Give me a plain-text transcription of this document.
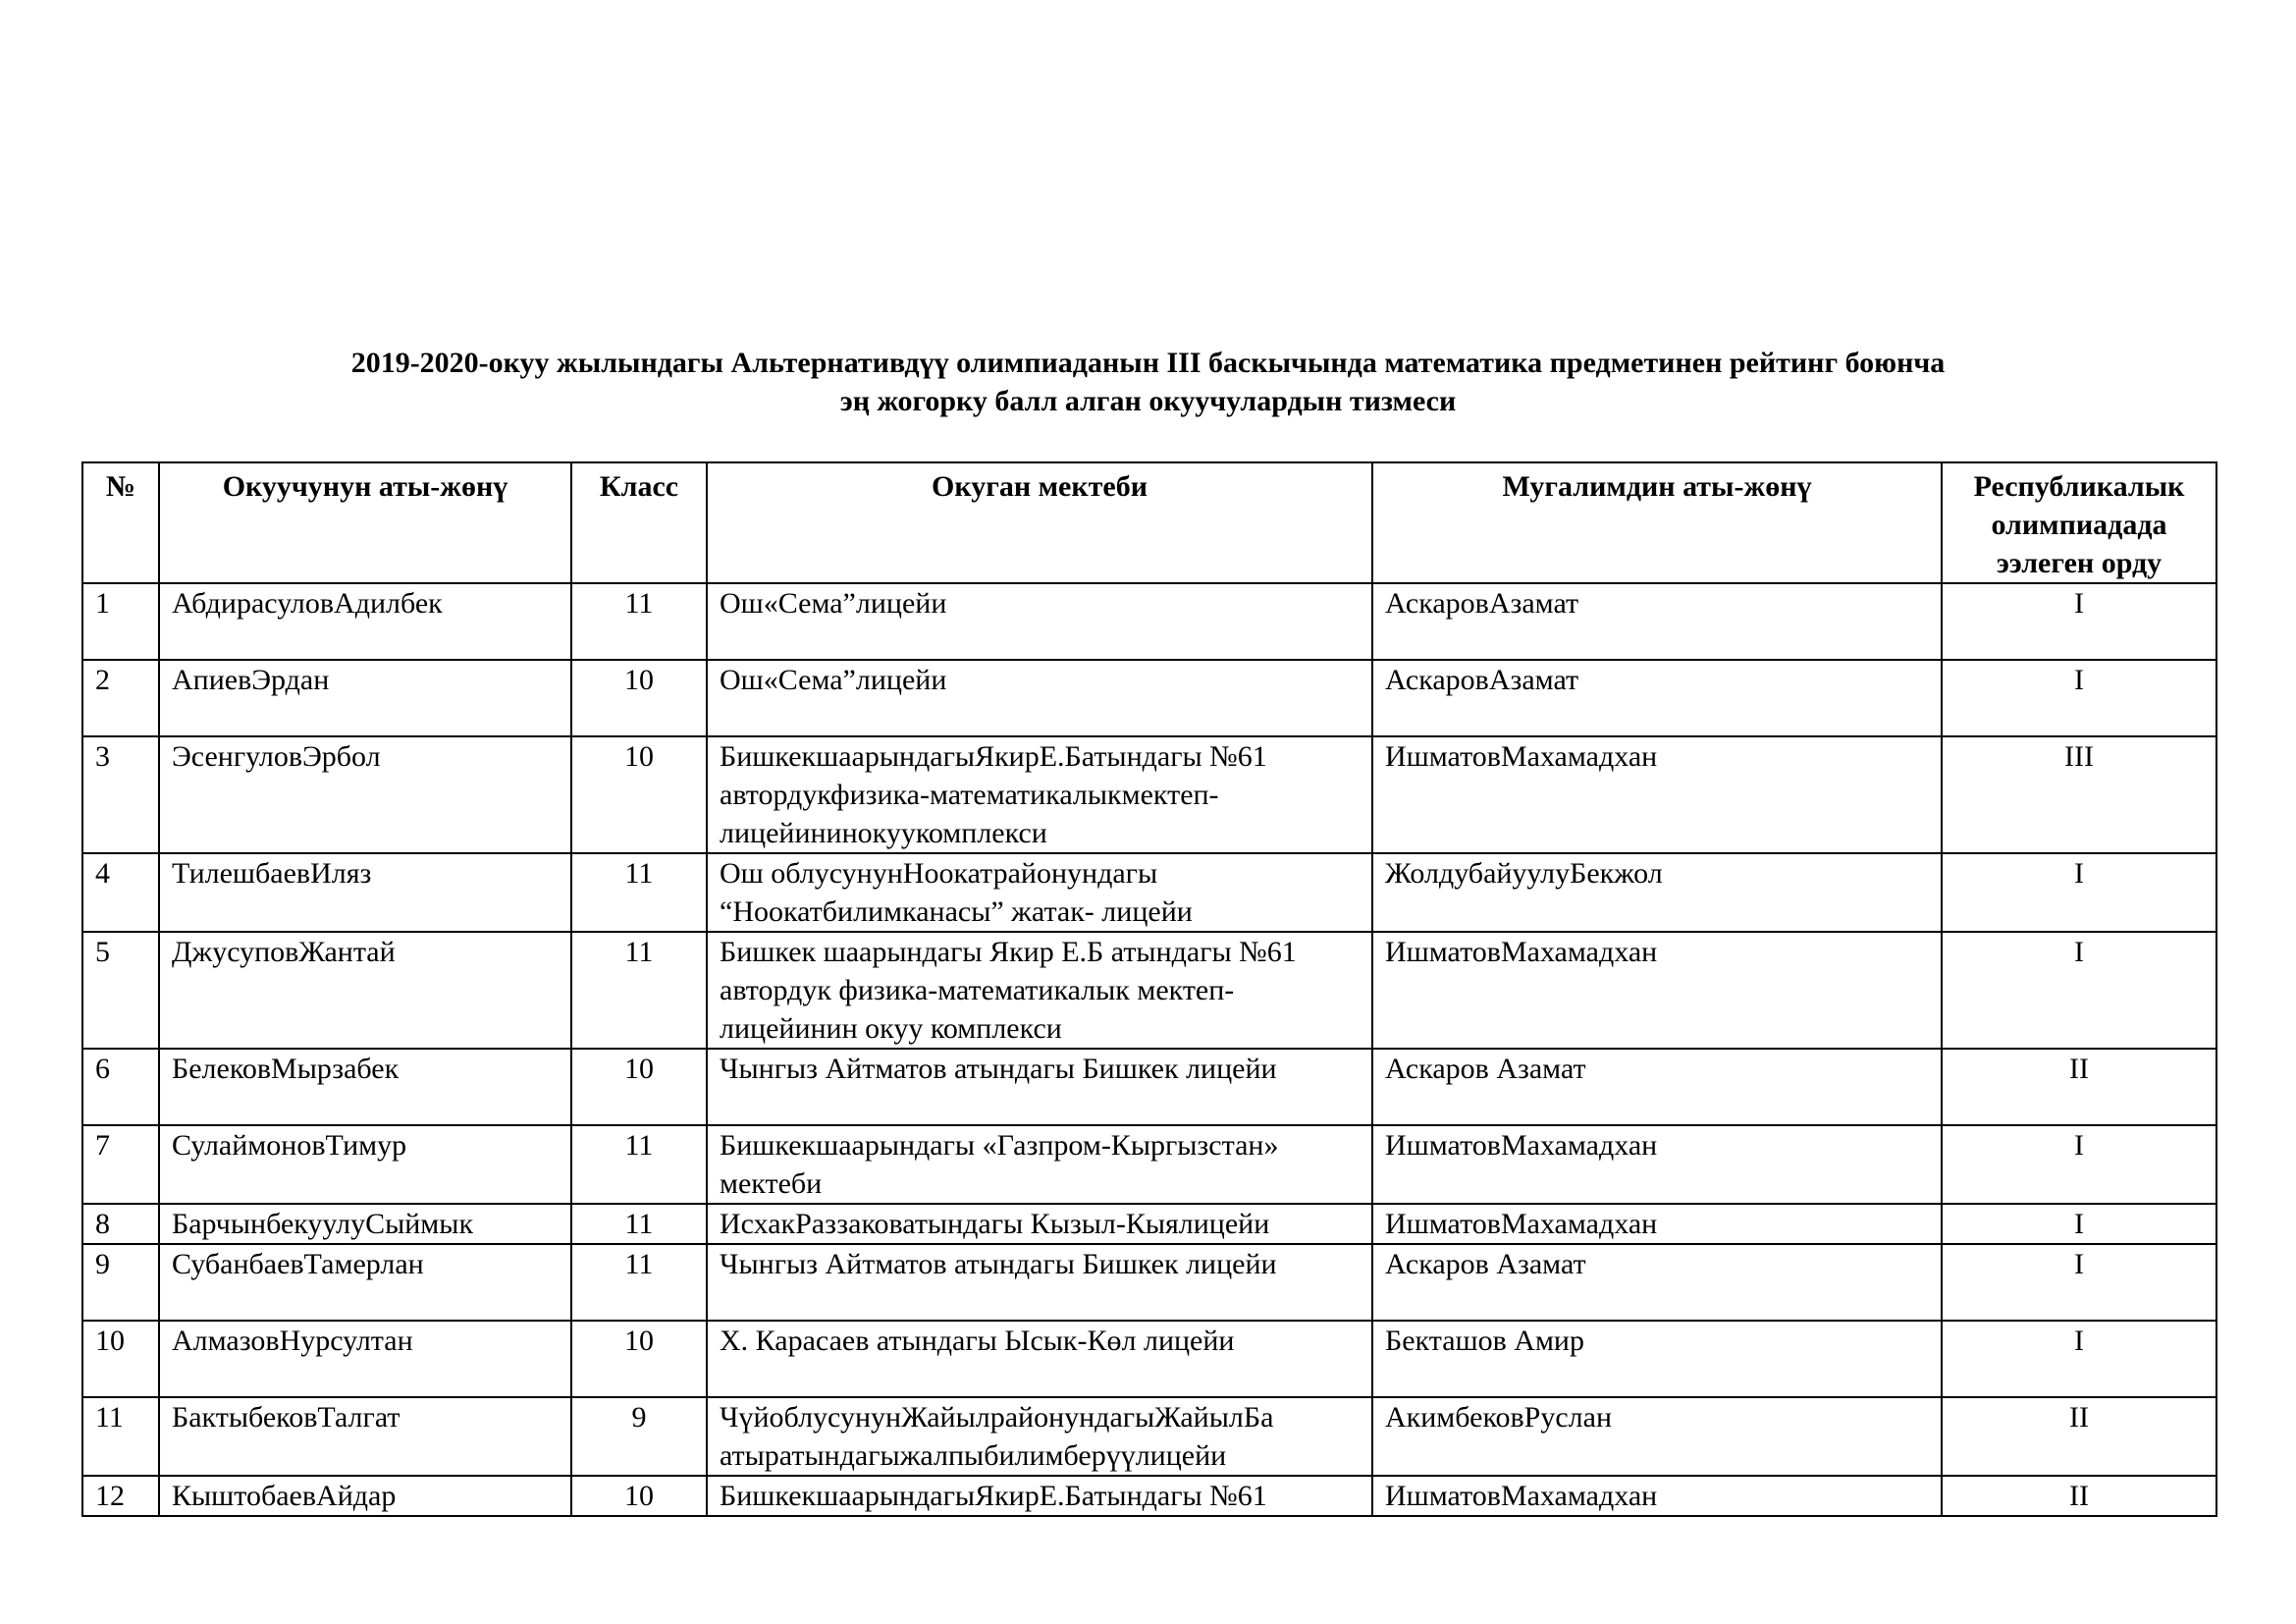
2019-2020-окуу жылындагы Альтернативдүү олимпиаданын III баскычында математика предметинен рейтинг боюнча
эң жогорку балл алган окуучулардын тизмеси
№	Окуучунун аты-жөнү	Класс	Окуган мектеби	Мугалимдин аты-жөнү	Республикалык олимпиадада ээлеген орду
1	АбдирасуловАдилбек	11	Ош«Сема”лицейи	АскаровАзамат	I
2	АпиевЭрдан	10	Ош«Сема”лицейи	АскаровАзамат	I
3	ЭсенгуловЭрбол	10	БишкекшаарындагыЯкирЕ.Батындагы №61 автордукфизика-математикалыкмектеп-лицейининокуукомплекси	ИшматовМахамадхан	III
4	ТилешбаевИляз	11	Ош облусунунНоокатрайонундагы “Ноокатбилимканасы” жатак- лицейи	ЖолдубайуулуБекжол	I
5	ДжусуповЖантай	11	Бишкек шаарындагы Якир Е.Б атындагы №61 автордук физика-математикалык мектеп-лицейинин окуу комплекси	ИшматовМахамадхан	I
6	БелековМырзабек	10	Чынгыз Айтматов атындагы Бишкек лицейи	Аскаров Азамат	II
7	СулаймоновТимур	11	Бишкекшаарындагы «Газпром-Кыргызстан» мектеби	ИшматовМахамадхан	I
8	БарчынбекуулуСыймык	11	ИсхакРаззаковатындагы Кызыл-Кыялицейи	ИшматовМахамадхан	I
9	СубанбаевТамерлан	11	Чынгыз Айтматов атындагы Бишкек лицейи	Аскаров Азамат	I
10	АлмазовНурсултан	10	Х. Карасаев атындагы Ысык-Көл лицейи	Бекташов Амир	I
11	БактыбековТалгат	9	ЧүйоблусунунЖайылрайонундагыЖайылБа атыратындагыжалпыбилимберүүлицейи	АкимбековРуслан	II
12	КыштобаевАйдар	10	БишкекшаарындагыЯкирЕ.Батындагы №61	ИшматовМахамадхан	II
